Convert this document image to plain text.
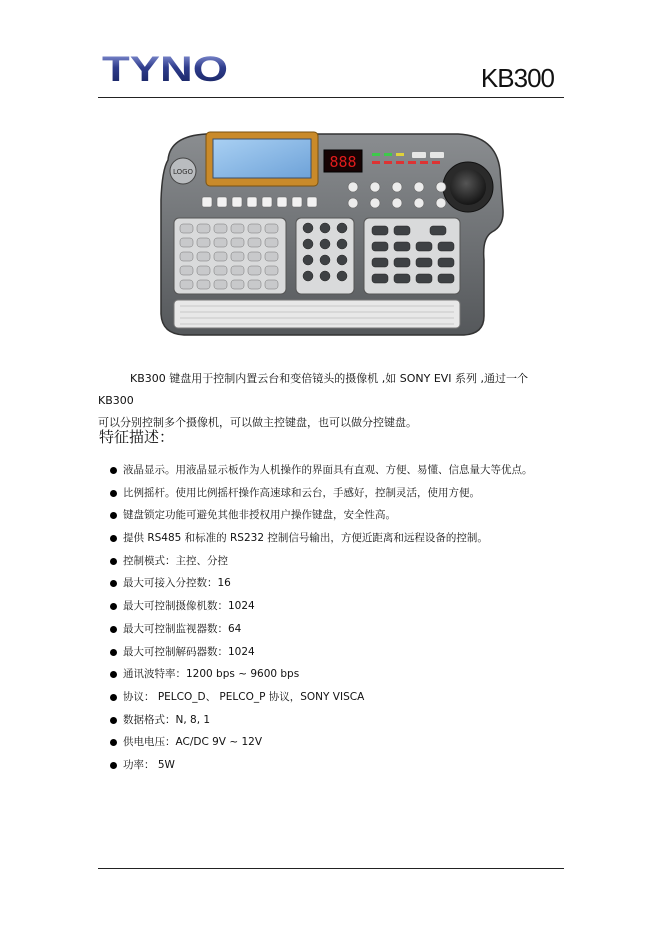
TYNO	KB300
LOGO
888

KB300 键盘用于控制内置云台和变倍镜头的摄像机 ,如 SONY EVI 系列 ,通过一个 KB300

可以分别控制多个摄像机，可以做主控键盘，也可以做分控键盘。

特征描述：
液晶显示。用液晶显示板作为人机操作的界面具有直观、方便、易懂、信息量大等优点。
比例摇杆。使用比例摇杆操作高速球和云台，手感好，控制灵活，使用方便。
键盘锁定功能可避免其他非授权用户操作键盘，安全性高。
提供 RS485 和标准的 RS232 控制信号输出，方便近距离和远程设备的控制。
控制模式：主控、分控
最大可接入分控数：16
最大可控制摄像机数：1024
最大可控制监视器数：64
最大可控制解码器数：1024
通讯波特率：1200 bps ~ 9600 bps
协议： PELCO_D、 PELCO_P 协议，SONY VISCA
数据格式：N, 8, 1
供电电压：AC/DC 9V ~ 12V
功率： 5W
